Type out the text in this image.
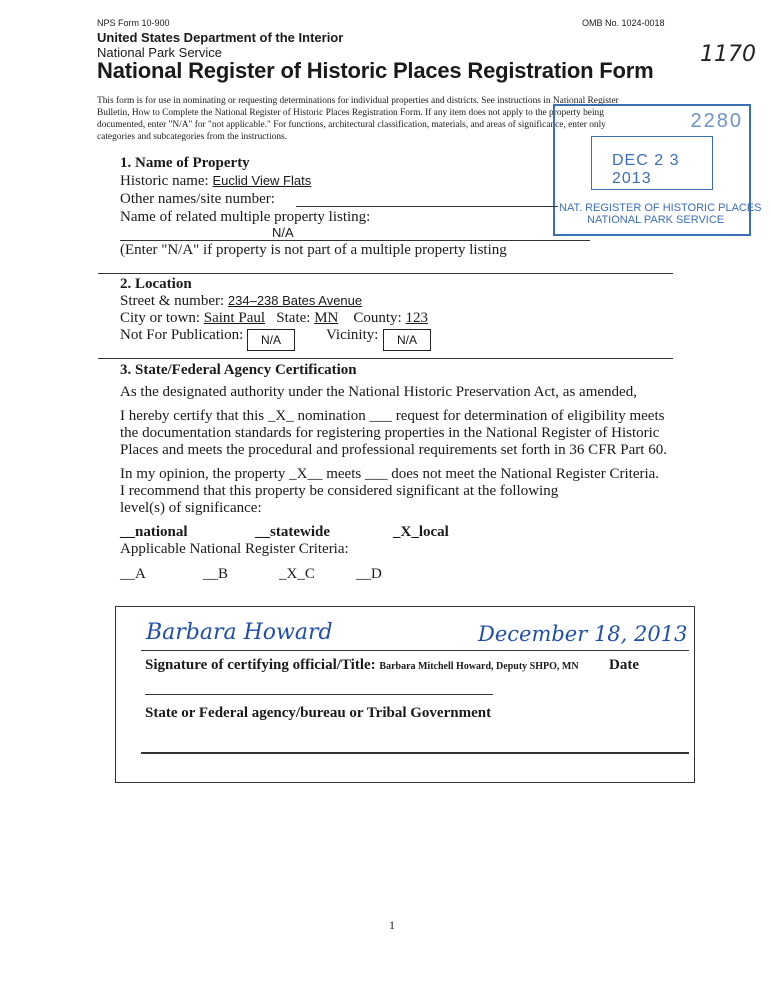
NPS Form 10-900	OMB No. 1024-0018
United States Department of the Interior
National Park Service
National Register of Historic Places Registration Form
1170
This form is for use in nominating or requesting determinations for individual properties and districts. See instructions in National Register
Bulletin, How to Complete the National Register of Historic Places Registration Form. If any item does not apply to the property being
documented, enter "N/A" for "not applicable." For functions, architectural classification, materials, and areas of significance, enter only
categories and subcategories from the instructions.
2280
DEC 2 3 2013
NAT. REGISTER OF HISTORIC PLACES
NATIONAL PARK SERVICE
1. Name of Property
Historic name: Euclid View Flats
Other names/site number:
Name of related multiple property listing:
N/A
(Enter "N/A" if property is not part of a multiple property listing
2. Location
Street & number: 234–238 Bates Avenue
City or town: Saint Paul State: MN County: 123
Not For Publication:	N/A	Vicinity:	N/A
3. State/Federal Agency Certification
As the designated authority under the National Historic Preservation Act, as amended,
I hereby certify that this _X_ nomination ___ request for determination of eligibility meets
the documentation standards for registering properties in the National Register of Historic
Places and meets the procedural and professional requirements set forth in 36 CFR Part 60.
In my opinion, the property _X__ meets ___ does not meet the National Register Criteria.
I recommend that this property be considered significant at the following
level(s) of significance:
__national	__statewide	_X_local
Applicable National Register Criteria:
__A	__B	_X_C	__D
Barbara Howard	December 18, 2013
Signature of certifying official/Title: Barbara Mitchell Howard, Deputy SHPO, MN Date
State or Federal agency/bureau or Tribal Government
1
